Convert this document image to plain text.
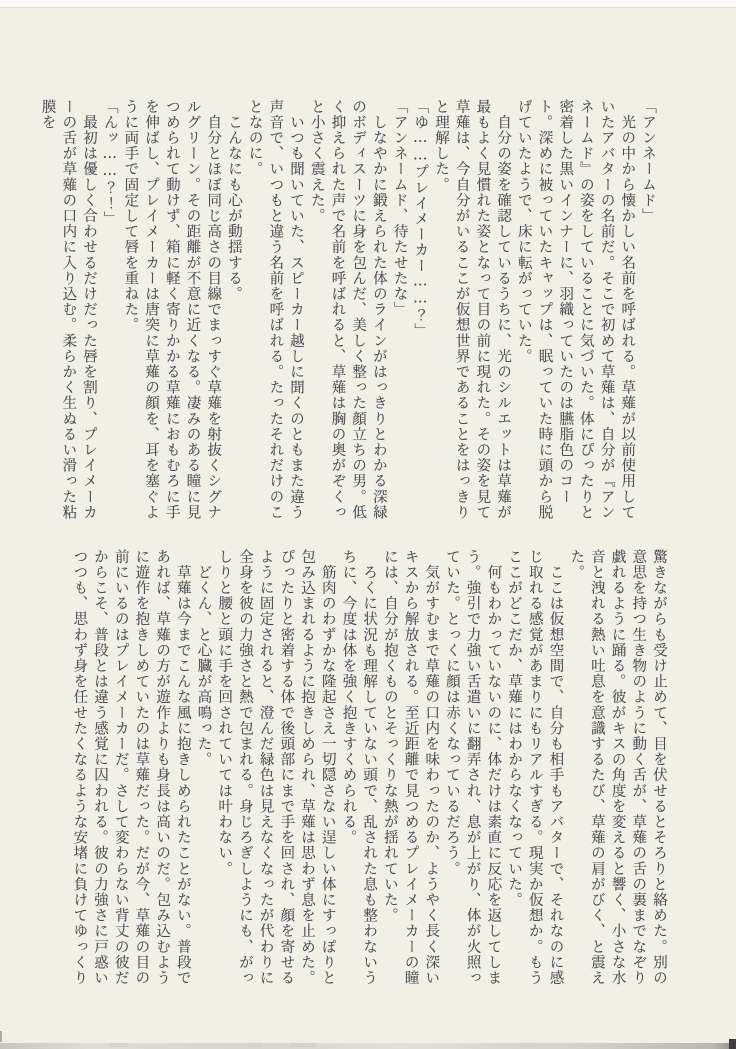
「アンネームド」

　光の中から懐かしい名前を呼ばれる。草薙が以前使用していたアバターの名前だ。そこで初めて草薙は、自分が『アンネームド』の姿をしていることに気づいた。体にぴったりと密着した黒いインナーに、羽織っていたのは臙脂色のコート。深めに被っていたキャップは、眠っていた時に頭から脱げていたようで、床に転がっていた。

　自分の姿を確認しているうちに、光のシルエットは草薙が最もよく見慣れた姿となって目の前に現れた。その姿を見て草薙は、今自分がいるここが仮想世界であることをはっきりと理解した。

「ゆ……プレイメーカー……？」

「アンネームド、待たせたな」

　しなやかに鍛えられた体のラインがはっきりとわかる深緑のボディスーツに身を包んだ、美しく整った顔立ちの男。低く抑えられた声で名前を呼ばれると、草薙は胸の奥がぞくっと小さく震えた。

　いつも聞いていた、スピーカー越しに聞くのともまた違う声音で、いつもと違う名前を呼ばれる。たったそれだけのことなのに。

　こんなにも心が動揺する。

　自分とほぼ同じ高さの目線でまっすぐ草薙を射抜くシグナルグリーン。その距離が不意に近くなる。凄みのある瞳に見つめられて動けず、箱に軽く寄りかかる草薙におもむろに手を伸ばし、プレイメーカーは唐突に草薙の顔を、耳を塞ぐように両手で固定して唇を重ねた。

「んッ……？！」

　最初は優しく合わせるだけだった唇を割り、プレイメーカーの舌が草薙の口内に入り込む。柔らかく生ぬるい滑った粘膜を

驚きながらも受け止めて、目を伏せるとそろりと絡めた。別の意思を持つ生き物のように動く舌が、草薙の舌の裏までなぞり戯れるように踊る。彼がキスの角度を変えると響く、小さな水音と洩れる熱い吐息を意識するたび、草薙の肩がびく、と震えた。

　ここは仮想空間で、自分も相手もアバターで、それなのに感じ取れる感覚があまりにもリアルすぎる。現実か仮想か。もうここがどこだか、草薙にはわからなくなっていた。

　何もわかっていないのに、体だけは素直に反応を返してしまう。強引で力強い舌遣いに翻弄され、息が上がり、体が火照っていた。とっくに顔は赤くなっているだろう。

　気がすむまで草薙の口内を味わったのか、ようやく長く深いキスから解放される。至近距離で見つめるプレイメーカーの瞳には、自分が抱くものとそっくりな熱が揺れていた。

　ろくに状況も理解していない頭で、乱された息も整わないうちに、今度は体を強く抱きすくめられる。

　筋肉のわずかな隆起さえ一切隠さない逞しい体にすっぽりと包み込まれるように抱きしめられ、草薙は思わず息を止めた。ぴったりと密着する体で後頭部にまで手を回され、顔を寄せるように固定されると、澄んだ緑色は見えなくなったが代わりに全身を彼の力強さと熱で包まれる。身じろぎしようにも、がっしりと腰と頭に手を回されていては叶わない。

　どくん、と心臓が高鳴った。

　草薙は今までこんな風に抱きしめられたことがない。普段であれば、草薙の方が遊作よりも身長は高いのだ。包み込むように遊作を抱きしめていたのは草薙だった。だが今、草薙の目の前にいるのはプレイメーカーだ。さして変わらない背丈の彼だからこそ、普段とは違う感覚に囚われる。彼の力強さに戸惑いつつも、思わず身を任せたくなるような安堵に負けてゆっくり
